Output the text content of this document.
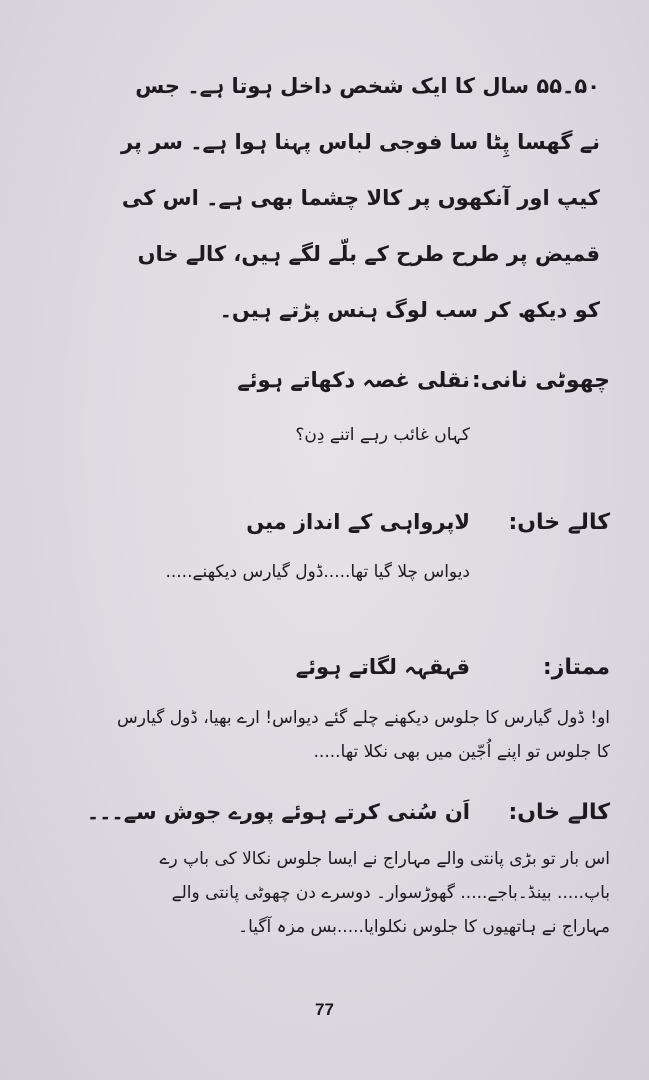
۵۰۔۵۵ سال کا ایک شخص داخل ہوتا ہے۔ جس
نے گھسا پِٹا سا فوجی لباس پہنا ہوا ہے۔ سر پر
کیپ اور آنکھوں پر کالا چشما بھی ہے۔ اس کی
قمیض پر طرح طرح کے بلّے لگے ہیں، کالے خاں
کو دیکھ کر سب لوگ ہنس پڑتے ہیں۔
چھوٹی نانی:
نقلی غصہ دکھاتے ہوئے
کہاں غائب رہے اتنے دِن؟
کالے خاں:
لاپرواہی کے انداز میں
دیواس چلا گیا تھا.....ڈول گیارس دیکھنے.....
ممتاز:
قہقہہ لگاتے ہوئے
او! ڈول گیارس کا جلوس دیکھنے چلے گئے دیواس! ارے بھیا، ڈول گیارس
کا جلوس تو اپنے اُجّین میں بھی نکلا تھا.....
کالے خاں:
اَن سُنی کرتے ہوئے پورے جوش سے۔۔۔
اس بار تو بڑی پانتی والے مہاراج نے ایسا جلوس نکالا کی باپ رے
باپ..... بینڈ۔باجے..... گھوڑسوار۔ دوسرے دن چھوٹی پانتی والے
مہاراج نے ہاتھیوں کا جلوس نکلوایا.....بس مزہ آگیا۔
77
